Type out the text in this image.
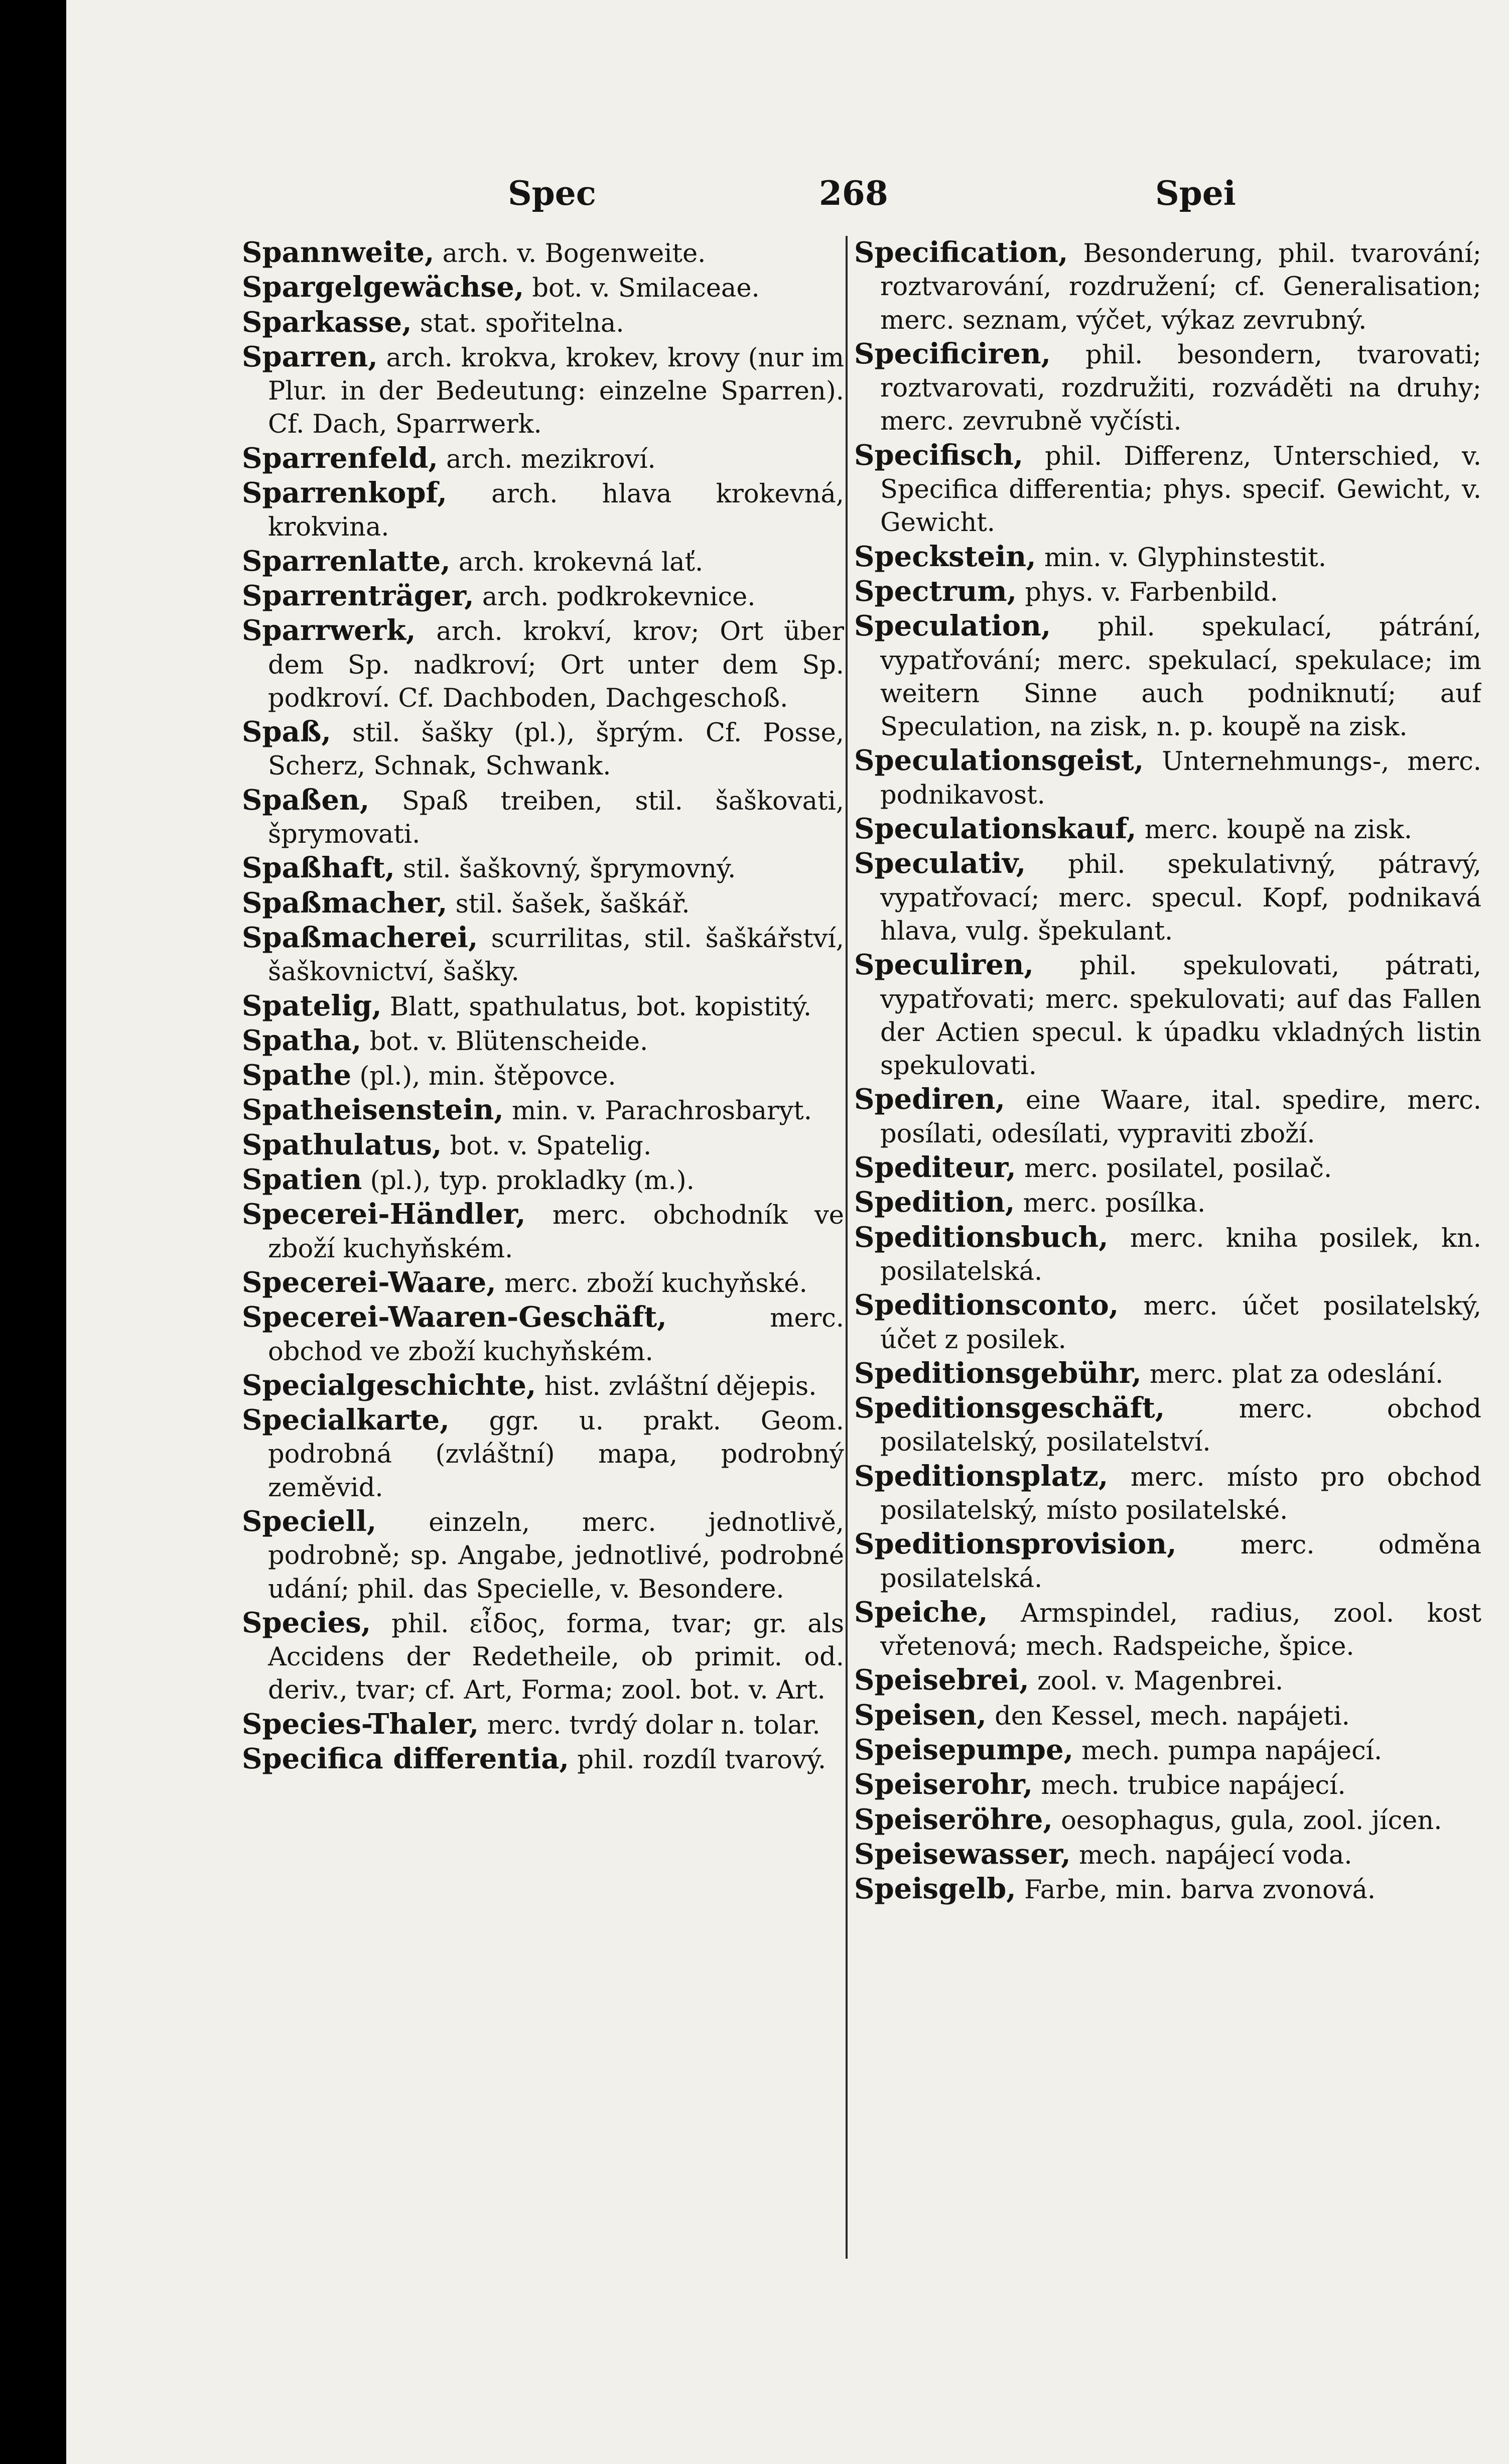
Spec	268	Spei

Spannweite, arch. v. Bogenweite.

Spargelgewächse, bot. v. Smilaceae.

Sparkasse, stat. spořitelna.

Sparren, arch. krokva, krokev, krovy (nur im Plur. in der Bedeutung: einzelne Sparren). Cf. Dach, Sparrwerk.

Sparrenfeld, arch. mezikroví.

Sparrenkopf, arch. hlava krokevná, krokvina.

Sparrenlatte, arch. krokevná lať.

Sparrenträger, arch. podkrokevnice.

Sparrwerk, arch. krokví, krov; Ort über dem Sp. nadkroví; Ort unter dem Sp. podkroví. Cf. Dachboden, Dachgeschoß.

Spaß, stil. šašky (pl.), šprým. Cf. Posse, Scherz, Schnak, Schwank.

Spaßen, Spaß treiben, stil. šaškovati, šprymovati.

Spaßhaft, stil. šaškovný, šprymovný.

Spaßmacher, stil. šašek, šaškář.

Spaßmacherei, scurrilitas, stil. šaškářství, šaškovnictví, šašky.

Spatelig, Blatt, spathulatus, bot. kopistitý.

Spatha, bot. v. Blütenscheide.

Spathe (pl.), min. štěpovce.

Spatheisenstein, min. v. Parachrosbaryt.

Spathulatus, bot. v. Spatelig.

Spatien (pl.), typ. prokladky (m.).

Specerei-Händler, merc. obchodník ve zboží kuchyňském.

Specerei-Waare, merc. zboží kuchyňské.

Specerei-Waaren-Geschäft,	merc. obchod ve zboží kuchyňském.

Specialgeschichte, hist. zvláštní dějepis.

Specialkarte, ggr. u. prakt. Geom. podrobná (zvláštní) mapa, podrobný zeměvid.

Speciell, einzeln, merc. jednotlivě, podrobně; sp. Angabe, jednotlivé, podrobné udání; phil. das Specielle, v. Besondere.

Species, phil. εἶδος, forma, tvar; gr. als Accidens der Redetheile, ob primit. od. deriv., tvar; cf. Art, Forma; zool. bot. v. Art.

Species-Thaler, merc. tvrdý dolar n. tolar.

Specifica differentia, phil. rozdíl tvarový.

Specification, Besonderung, phil. tvarování; roztvarování, rozdružení; cf. Generalisation; merc. seznam, výčet, výkaz zevrubný.

Specificiren, phil. besondern, tvarovati; roztvarovati, rozdružiti, rozváděti na druhy; merc. zevrubně vyčísti.

Specifisch, phil. Differenz, Unterschied, v. Specifica differentia; phys. specif. Gewicht, v. Gewicht.

Speckstein, min. v. Glyphinstestit.

Spectrum, phys. v. Farbenbild.

Speculation, phil. spekulací, pátrání, vypatřování; merc. spekulací, spekulace; im weitern Sinne auch podniknutí; auf Speculation, na zisk, n. p. koupě na zisk.

Speculationsgeist, Unternehmungs-, merc. podnikavost.

Speculationskauf, merc. koupě na zisk.

Speculativ, phil. spekulativný, pátravý, vypatřovací; merc. specul. Kopf, podnikavá hlava, vulg. špekulant.

Speculiren, phil. spekulovati, pátrati, vypatřovati; merc. spekulovati; auf das Fallen der Actien specul. k úpadku vkladných listin spekulovati.

Spediren, eine Waare, ital. spedire, merc. posílati, odesílati, vypraviti zboží.

Spediteur, merc. posilatel, posilač.

Spedition, merc. posílka.

Speditionsbuch, merc. kniha posilek, kn. posilatelská.

Speditionsconto, merc. účet posilatelský, účet z posilek.

Speditionsgebühr, merc. plat za odeslání.

Speditionsgeschäft,	merc. obchod posilatelský, posilatelství.

Speditionsplatz, merc. místo pro obchod posilatelský, místo posilatelské.

Speditionsprovision, merc. odměna posilatelská.

Speiche, Armspindel, radius, zool. kost vřetenová; mech. Radspeiche, špice.

Speisebrei, zool. v. Magenbrei.

Speisen, den Kessel, mech. napájeti.

Speisepumpe, mech. pumpa napájecí.

Speiserohr, mech. trubice napájecí.

Speiseröhre, oesophagus, gula, zool. jícen.

Speisewasser, mech. napájecí voda.

Speisgelb, Farbe, min. barva zvonová.
